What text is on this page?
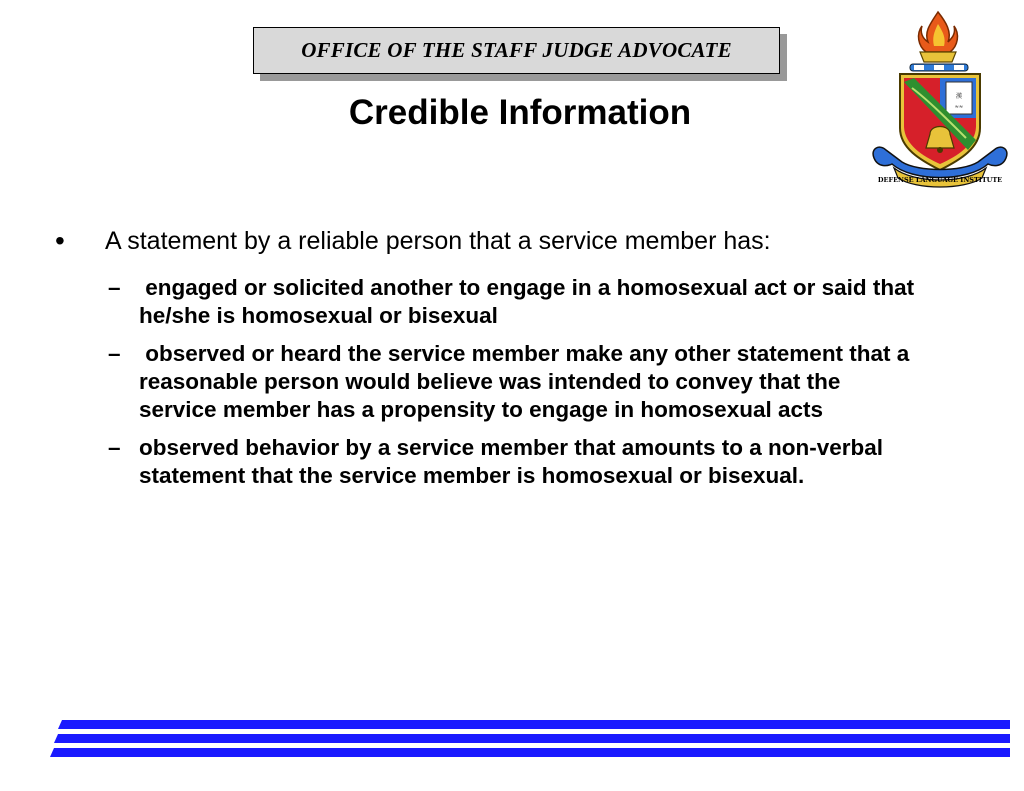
OFFICE OF THE STAFF JUDGE ADVOCATE
Credible Information	漢
≈≈
DEFENSE LANGUAGE INSTITUTE
•	A statement by a reliable person that a service member has:
– engaged or solicited another to engage in a homosexual act or said that he/she is homosexual or bisexual
– observed or heard the service member make any other statement that a reasonable person would believe was intended to convey that the service member has a propensity to engage in homosexual acts
– observed behavior by a service member that amounts to a non-verbal statement that the service member is homosexual or bisexual.
